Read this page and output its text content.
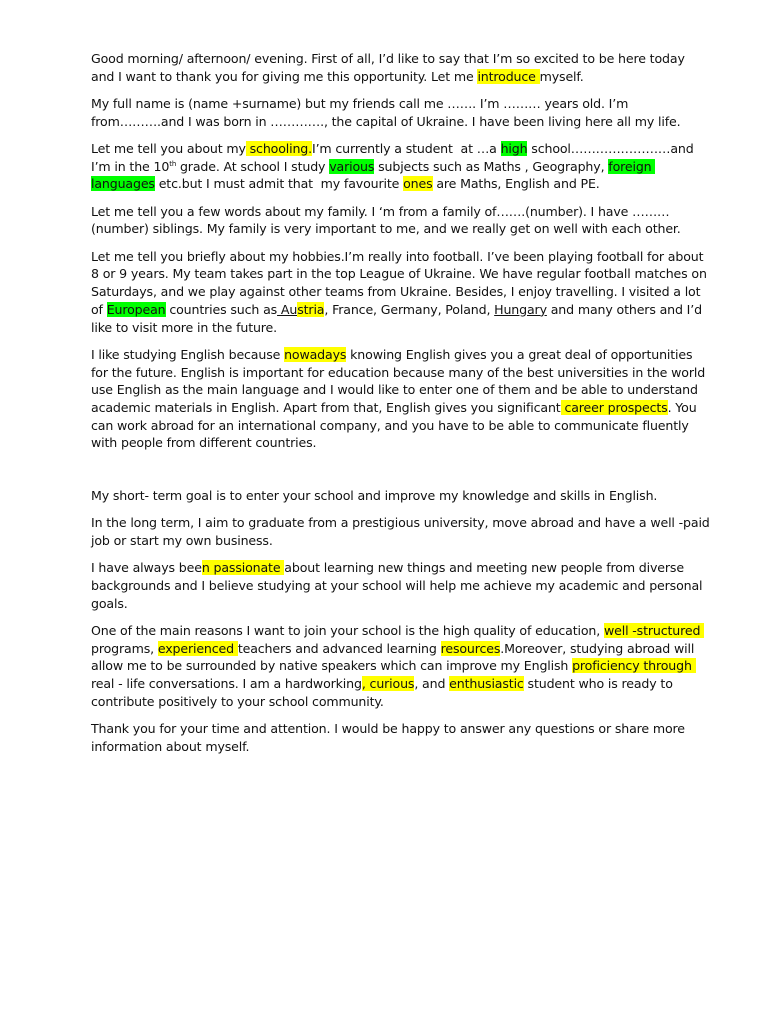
Good morning/ afternoon/ evening. First of all, I’d like to say that I’m so excited to be here today and I want to thank you for giving me this opportunity. Let me introduce myself.

My full name is (name +surname) but my friends call me ……. I’m ……… years old. I’m from……….and I was born in …………., the capital of Ukraine. I have been living here all my life.

Let me tell you about my schooling.I’m currently a student  at …a high school……………………and I’m in the 10th grade. At school I study various subjects such as Maths , Geography, foreign languages etc.but I must admit that  my favourite ones are Maths, English and PE.

Let me tell you a few words about my family. I ‘m from a family of…….(number). I have ……… (number) siblings. My family is very important to me, and we really get on well with each other.

Let me tell you briefly about my hobbies.I’m really into football. I’ve been playing football for about 8 or 9 years. My team takes part in the top League of Ukraine. We have regular football matches on Saturdays, and we play against other teams from Ukraine. Besides, I enjoy travelling. I visited a lot of European countries such as Austria, France, Germany, Poland, Hungary and many others and I’d like to visit more in the future.

I like studying English because nowadays knowing English gives you a great deal of opportunities for the future. English is important for education because many of the best universities in the world use English as the main language and I would like to enter one of them and be able to understand academic materials in English. Apart from that, English gives you significant career prospects. You can work abroad for an international company, and you have to be able to communicate fluently with people from different countries.

My short- term goal is to enter your school and improve my knowledge and skills in English.

In the long term, I aim to graduate from a prestigious university, move abroad and have a well -paid job or start my own business.

I have always been passionate about learning new things and meeting new people from diverse backgrounds and I believe studying at your school will help me achieve my academic and personal goals.

One of the main reasons I want to join your school is the high quality of education, well -structured  programs, experienced teachers and advanced learning resources.Moreover, studying abroad will allow me to be surrounded by native speakers which can improve my English proficiency through real - life conversations. I am a hardworking, curious, and enthusiastic student who is ready to contribute positively to your school community.

Thank you for your time and attention. I would be happy to answer any questions or share more information about myself.
